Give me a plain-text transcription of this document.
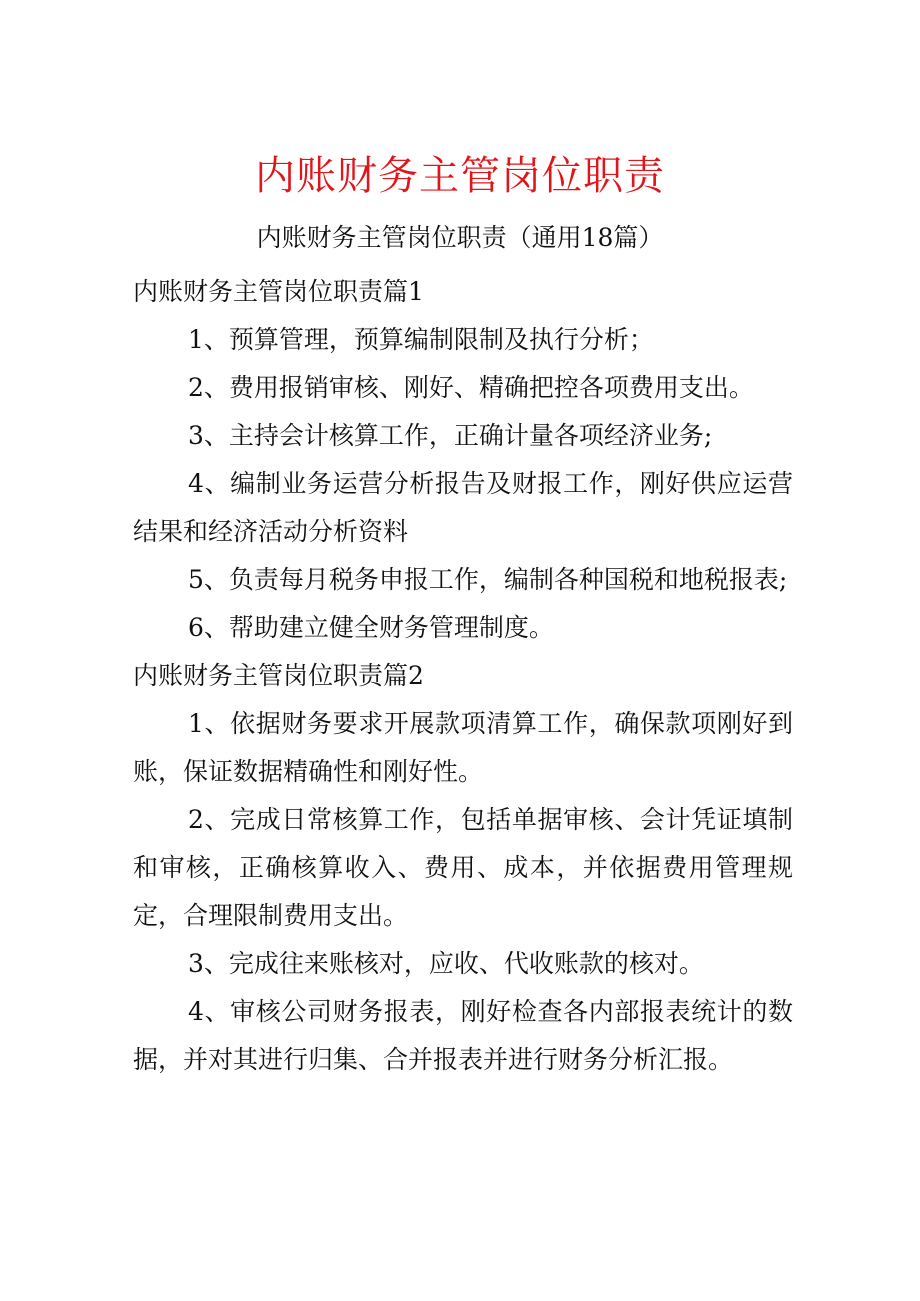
内账财务主管岗位职责
内账财务主管岗位职责（通用18篇）

内账财务主管岗位职责篇1

1、预算管理，预算编制限制及执行分析；

2、费用报销审核、刚好、精确把控各项费用支出。

3、主持会计核算工作，正确计量各项经济业务;

4、编制业务运营分析报告及财报工作，刚好供应运营结果和经济活动分析资料

5、负责每月税务申报工作，编制各种国税和地税报表;

6、帮助建立健全财务管理制度。

内账财务主管岗位职责篇2

1、依据财务要求开展款项清算工作，确保款项刚好到账，保证数据精确性和刚好性。

2、完成日常核算工作，包括单据审核、会计凭证填制和审核，正确核算收入、费用、成本，并依据费用管理规定，合理限制费用支出。

3、完成往来账核对，应收、代收账款的核对。

4、审核公司财务报表，刚好检查各内部报表统计的数据，并对其进行归集、合并报表并进行财务分析汇报。
